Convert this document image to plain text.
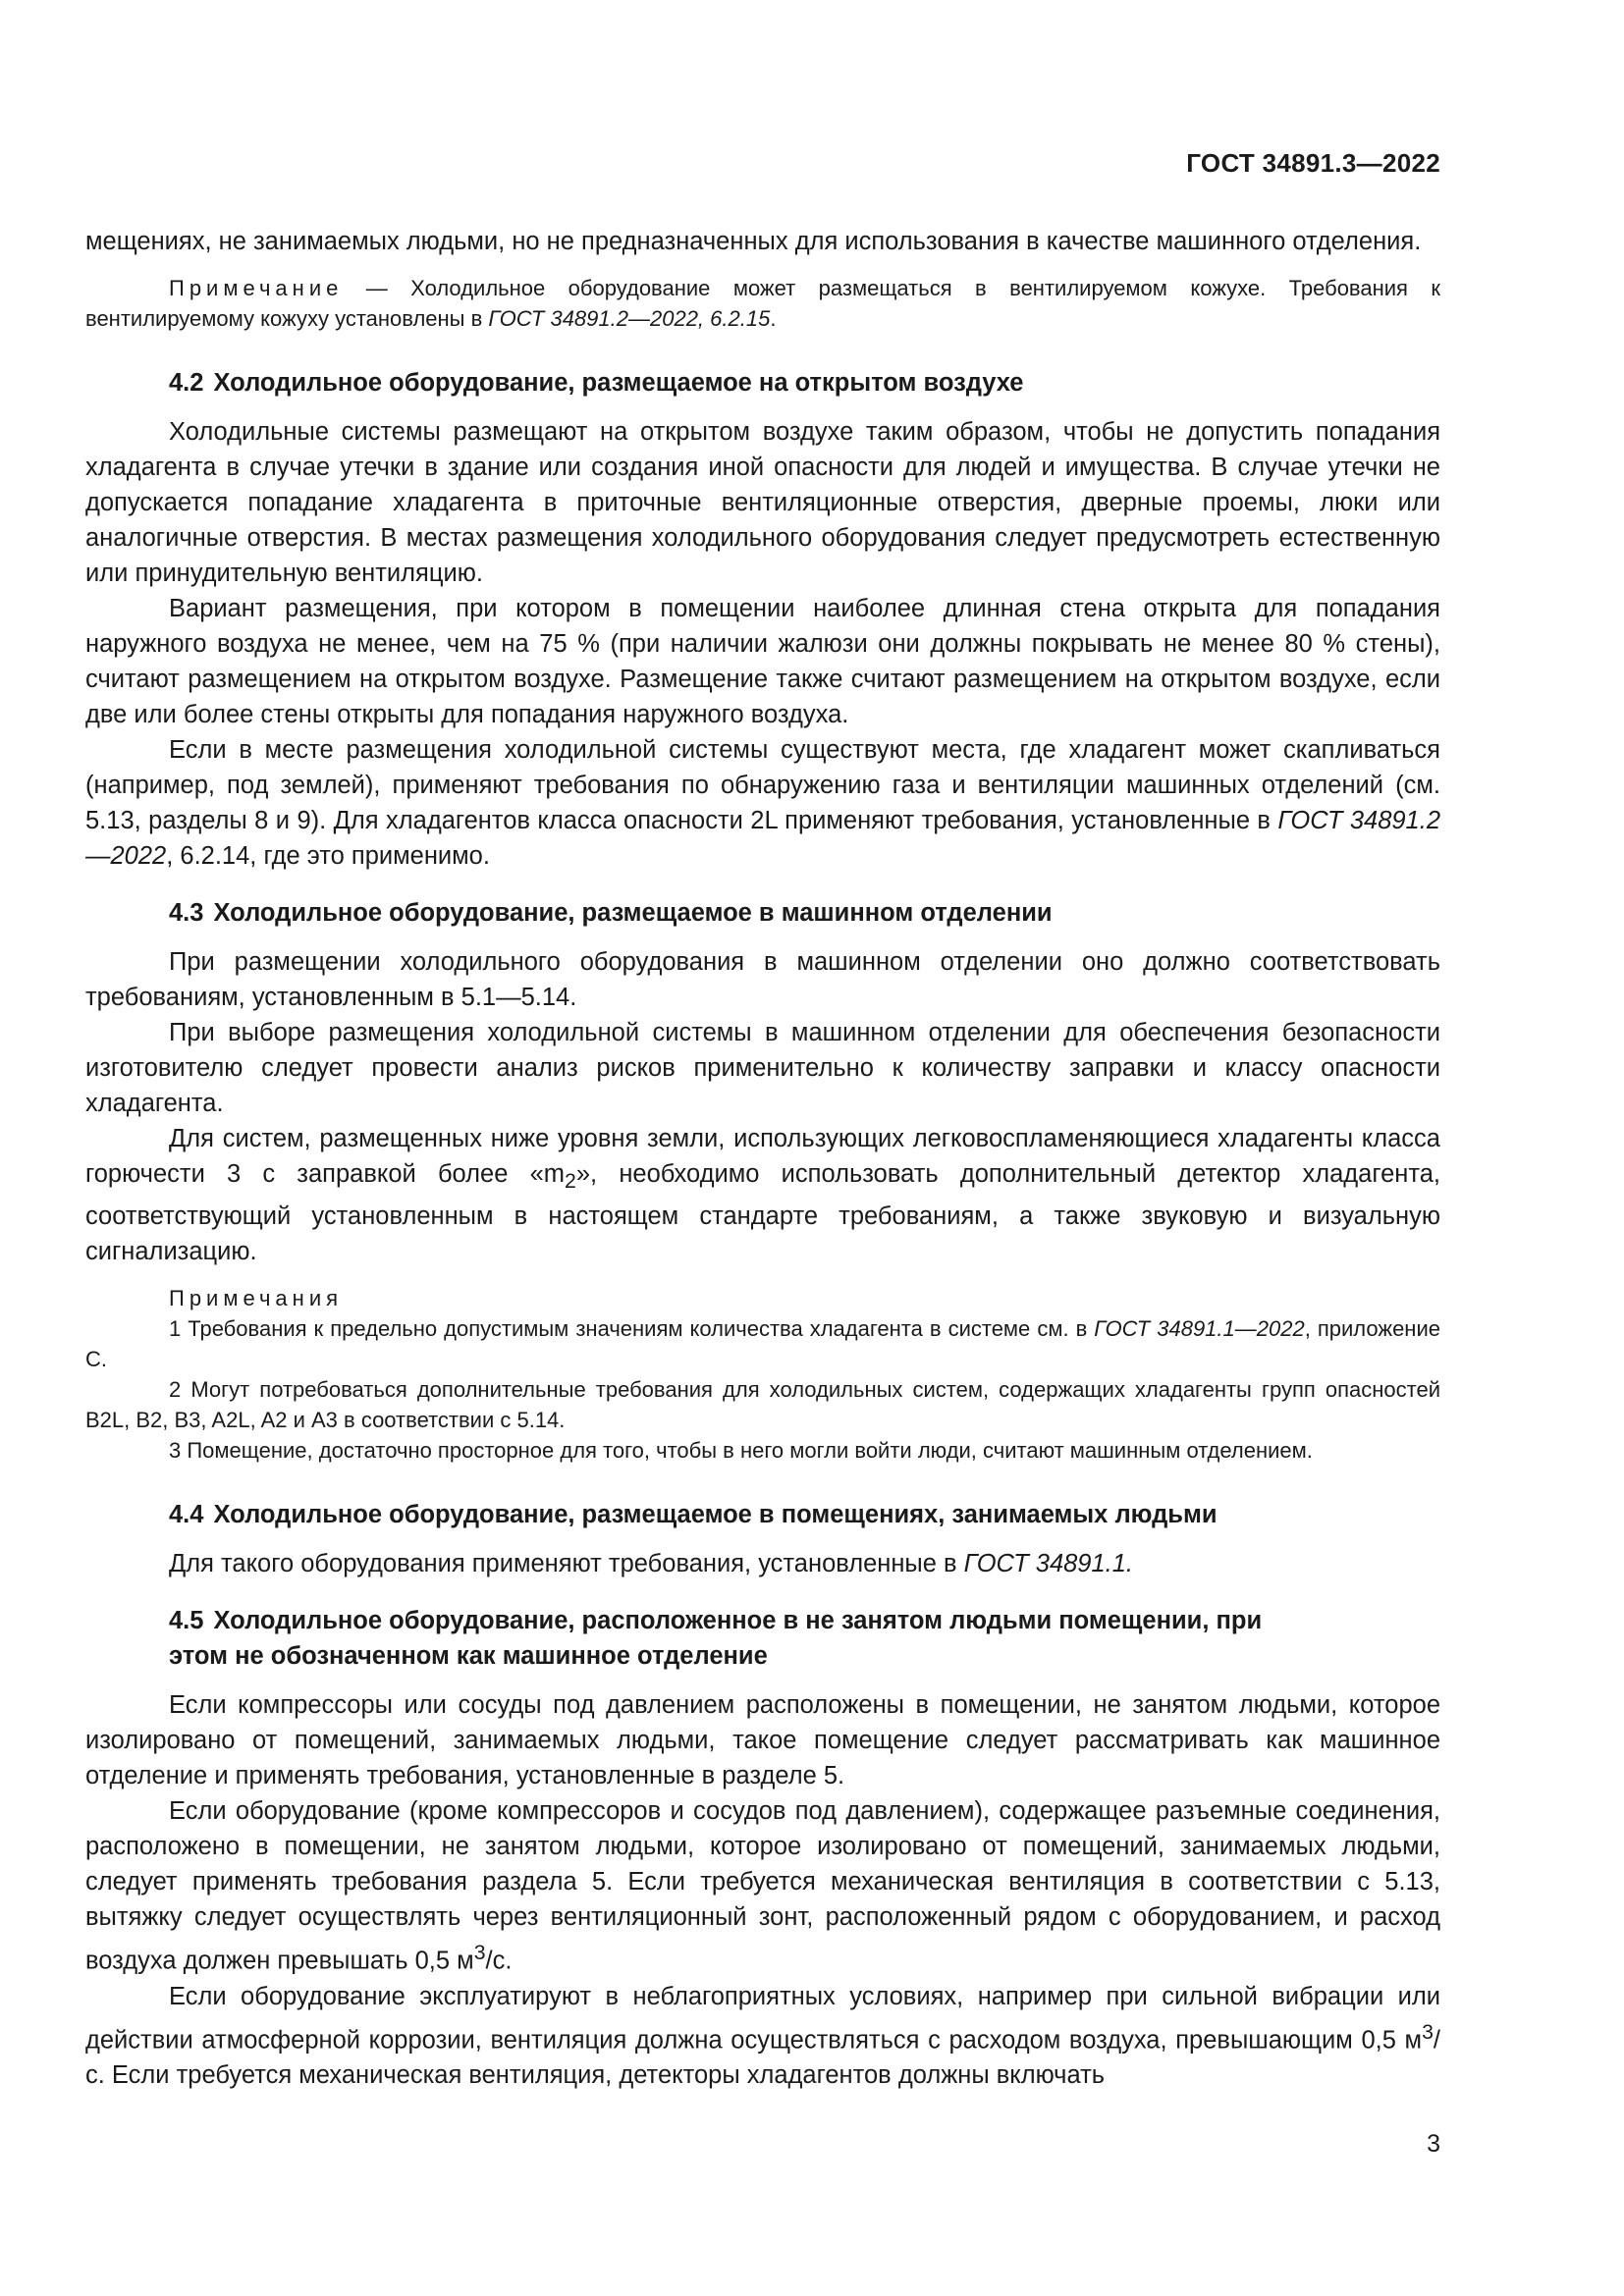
ГОСТ 34891.3—2022

мещениях, не занимаемых людьми, но не предназначенных для использования в качестве машинного отделения.

Примечание — Холодильное оборудование может размещаться в вентилируемом кожухе. Требования к вентилируемому кожуху установлены в ГОСТ 34891.2—2022, 6.2.15.

4.2 Холодильное оборудование, размещаемое на открытом воздухе

Холодильные системы размещают на открытом воздухе таким образом, чтобы не допустить попадания хладагента в случае утечки в здание или создания иной опасности для людей и имущества. В случае утечки не допускается попадание хладагента в приточные вентиляционные отверстия, дверные проемы, люки или аналогичные отверстия. В местах размещения холодильного оборудования следует предусмотреть естественную или принудительную вентиляцию.

Вариант размещения, при котором в помещении наиболее длинная стена открыта для попадания наружного воздуха не менее, чем на 75 % (при наличии жалюзи они должны покрывать не менее 80 % стены), считают размещением на открытом воздухе. Размещение также считают размещением на открытом воздухе, если две или более стены открыты для попадания наружного воздуха.

Если в месте размещения холодильной системы существуют места, где хладагент может скапливаться (например, под землей), применяют требования по обнаружению газа и вентиляции машинных отделений (см. 5.13, разделы 8 и 9). Для хладагентов класса опасности 2L применяют требования, установленные в ГОСТ 34891.2—2022, 6.2.14, где это применимо.

4.3 Холодильное оборудование, размещаемое в машинном отделении

При размещении холодильного оборудования в машинном отделении оно должно соответствовать требованиям, установленным в 5.1—5.14.

При выборе размещения холодильной системы в машинном отделении для обеспечения безопасности изготовителю следует провести анализ рисков применительно к количеству заправки и классу опасности хладагента.

Для систем, размещенных ниже уровня земли, использующих легковоспламеняющиеся хладагенты класса горючести 3 с заправкой более «$m_2$», необходимо использовать дополнительный детектор хладагента, соответствующий установленным в настоящем стандарте требованиям, а также звуковую и визуальную сигнализацию.

Примечания

1 Требования к предельно допустимым значениям количества хладагента в системе см. в ГОСТ 34891.1—2022, приложение С.

2 Могут потребоваться дополнительные требования для холодильных систем, содержащих хладагенты групп опасностей B2L, B2, B3, A2L, A2 и A3 в соответствии с 5.14.

3 Помещение, достаточно просторное для того, чтобы в него могли войти люди, считают машинным отделением.

4.4 Холодильное оборудование, размещаемое в помещениях, занимаемых людьми

Для такого оборудования применяют требования, установленные в ГОСТ 34891.1.

4.5 Холодильное оборудование, расположенное в не занятом людьми помещении, при
этом не обозначенном как машинное отделение

Если компрессоры или сосуды под давлением расположены в помещении, не занятом людьми, которое изолировано от помещений, занимаемых людьми, такое помещение следует рассматривать как машинное отделение и применять требования, установленные в разделе 5.

Если оборудование (кроме компрессоров и сосудов под давлением), содержащее разъемные соединения, расположено в помещении, не занятом людьми, которое изолировано от помещений, занимаемых людьми, следует применять требования раздела 5. Если требуется механическая вентиляция в соответствии с 5.13, вытяжку следует осуществлять через вентиляционный зонт, расположенный рядом с оборудованием, и расход воздуха должен превышать 0,5 $м^3/с$.

Если оборудование эксплуатируют в неблагоприятных условиях, например при сильной вибрации или действии атмосферной коррозии, вентиляция должна осуществляться с расходом воздуха, превышающим 0,5 $м^3/с$. Если требуется механическая вентиляция, детекторы хладагентов должны включать

3
